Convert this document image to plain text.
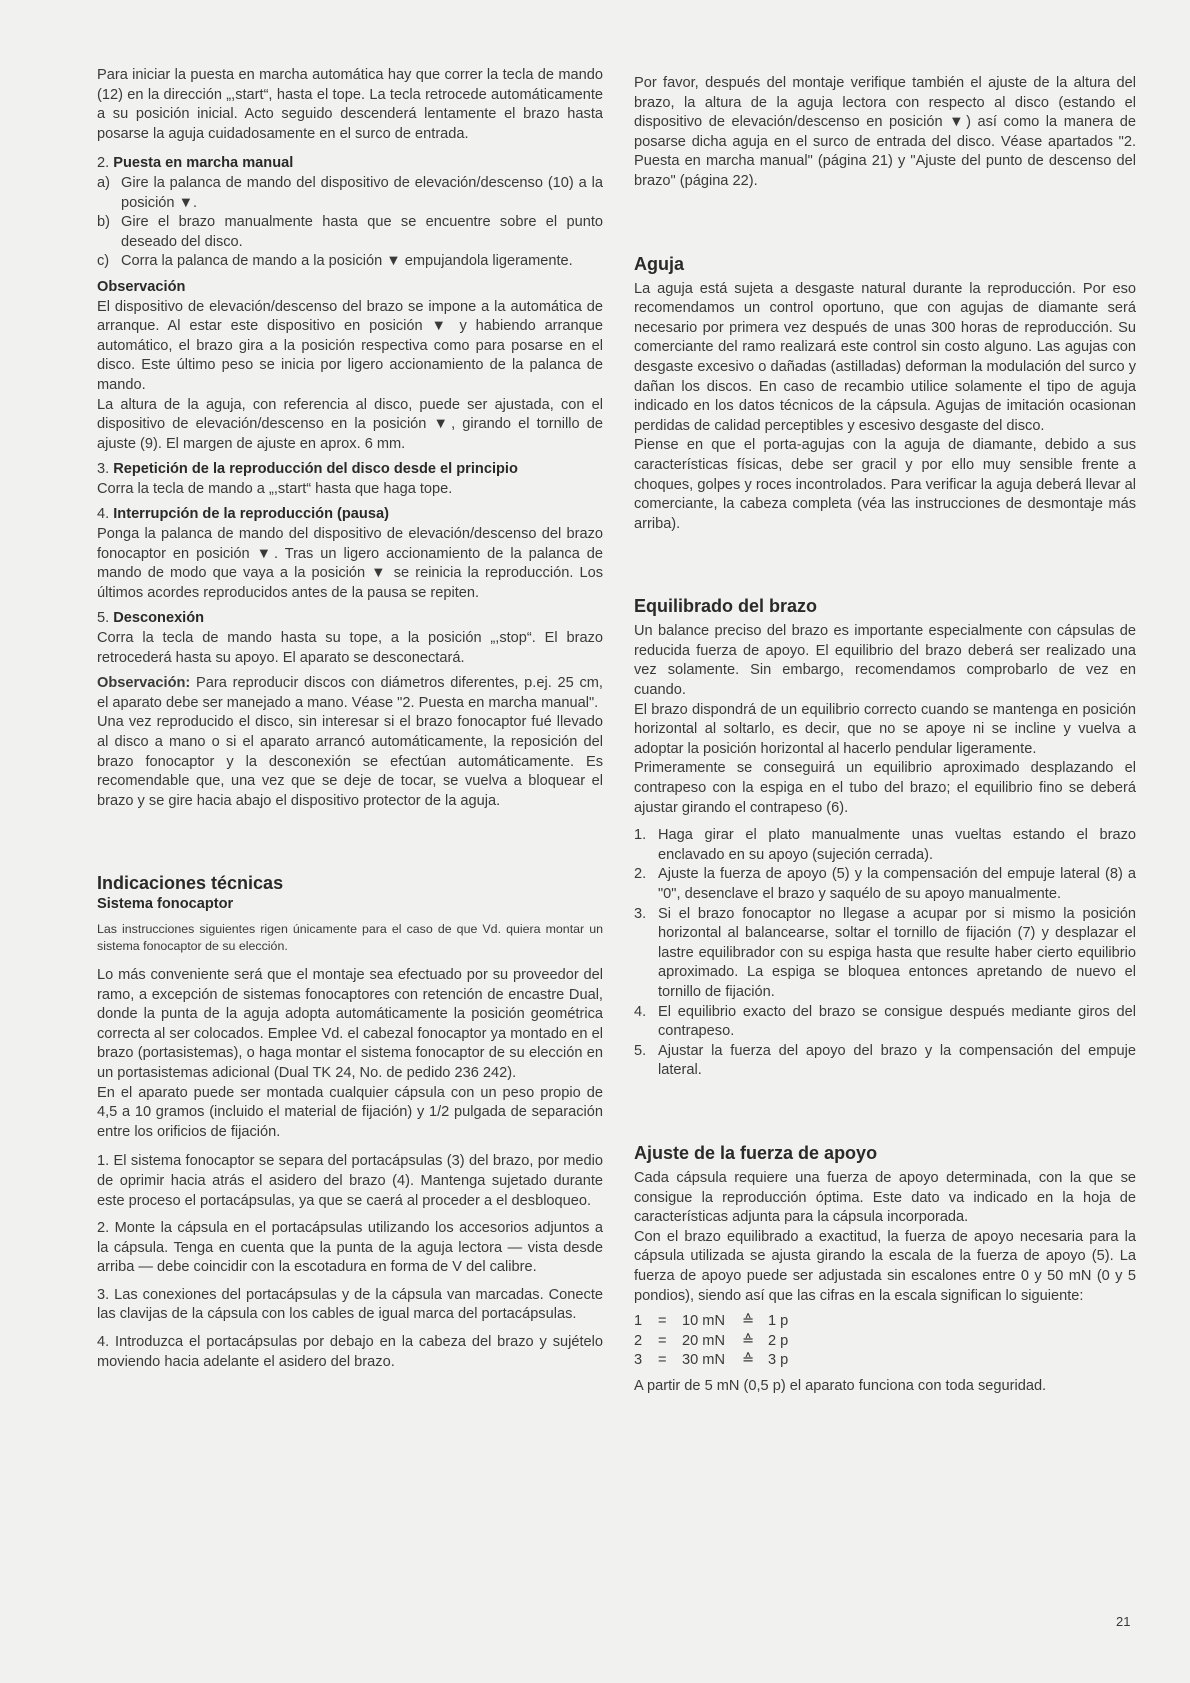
Para iniciar la puesta en marcha automática hay que correr la tecla de mando (12) en la dirección „,start“, hasta el tope. La tecla retrocede automáticamente a su posición inicial. Acto seguido descenderá lentamente el brazo hasta posarse la aguja cuidadosamente en el surco de entrada.

2. Puesta en marcha manual
a) Gire la palanca de mando del dispositivo de elevación/descenso (10) a la posición ▼.
b) Gire el brazo manualmente hasta que se encuentre sobre el punto deseado del disco.
c) Corra la palanca de mando a la posición ▼ empujandola ligeramente.
Observación

El dispositivo de elevación/descenso del brazo se impone a la automática de arranque. Al estar este dispositivo en posición ▼ y habiendo arranque automático, el brazo gira a la posición respectiva como para posarse en el disco. Este último peso se inicia por ligero accionamiento de la palanca de mando.

La altura de la aguja, con referencia al disco, puede ser ajustada, con el dispositivo de elevación/descenso en la posición ▼, girando el tornillo de ajuste (9). El margen de ajuste en aprox. 6 mm.

3. Repetición de la reproducción del disco desde el principio

Corra la tecla de mando a „,start“ hasta que haga tope.

4. Interrupción de la reproducción (pausa)

Ponga la palanca de mando del dispositivo de elevación/descenso del brazo fonocaptor en posición ▼. Tras un ligero accionamiento de la palanca de mando de modo que vaya a la posición ▼ se reinicia la reproducción. Los últimos acordes reproducidos antes de la pausa se repiten.

5. Desconexión

Corra la tecla de mando hasta su tope, a la posición „,stop“. El brazo retrocederá hasta su apoyo. El aparato se desconectará.

Observación: Para reproducir discos con diámetros diferentes, p.ej. 25 cm, el aparato debe ser manejado a mano. Véase "2. Puesta en marcha manual".

Una vez reproducido el disco, sin interesar si el brazo fonocaptor fué llevado al disco a mano o si el aparato arrancó automáticamente, la reposición del brazo fonocaptor y la desconexión se efectúan automáticamente. Es recomendable que, una vez que se deje de tocar, se vuelva a bloquear el brazo y se gire hacia abajo el dispositivo protector de la aguja.

Indicaciones técnicas
Sistema fonocaptor

Las instrucciones siguientes rigen únicamente para el caso de que Vd. quiera montar un sistema fonocaptor de su elección.

Lo más conveniente será que el montaje sea efectuado por su proveedor del ramo, a excepción de sistemas fonocaptores con retención de encastre Dual, donde la punta de la aguja adopta automáticamente la posición geométrica correcta al ser colocados. Emplee Vd. el cabezal fonocaptor ya montado en el brazo (portasistemas), o haga montar el sistema fonocaptor de su elección en un portasistemas adicional (Dual TK 24, No. de pedido 236 242).

En el aparato puede ser montada cualquier cápsula con un peso propio de 4,5 a 10 gramos (incluido el material de fijación) y 1/2 pulgada de separación entre los orificios de fijación.

1. El sistema fonocaptor se separa del portacápsulas (3) del brazo, por medio de oprimir hacia atrás el asidero del brazo (4). Mantenga sujetado durante este proceso el portacápsulas, ya que se caerá al proceder a el desbloqueo.

2. Monte la cápsula en el portacápsulas utilizando los accesorios adjuntos a la cápsula. Tenga en cuenta que la punta de la aguja lectora — vista desde arriba — debe coincidir con la escotadura en forma de V del calibre.

3. Las conexiones del portacápsulas y de la cápsula van marcadas. Conecte las clavijas de la cápsula con los cables de igual marca del portacápsulas.

4. Introduzca el portacápsulas por debajo en la cabeza del brazo y sujételo moviendo hacia adelante el asidero del brazo.

Por favor, después del montaje verifique también el ajuste de la altura del brazo, la altura de la aguja lectora con respecto al disco (estando el dispositivo de elevación/descenso en posición ▼) así como la manera de posarse dicha aguja en el surco de entrada del disco. Véase apartados "2. Puesta en marcha manual" (página 21) y "Ajuste del punto de descenso del brazo" (página 22).

Aguja

La aguja está sujeta a desgaste natural durante la reproducción. Por eso recomendamos un control oportuno, que con agujas de diamante será necesario por primera vez después de unas 300 horas de reproducción. Su comerciante del ramo realizará este control sin costo alguno. Las agujas con desgaste excesivo o dañadas (astilladas) deforman la modulación del surco y dañan los discos. En caso de recambio utilice solamente el tipo de aguja indicado en los datos técnicos de la cápsula. Agujas de imitación ocasionan perdidas de calidad perceptibles y escesivo desgaste del disco.

Piense en que el porta-agujas con la aguja de diamante, debido a sus características físicas, debe ser gracil y por ello muy sensible frente a choques, golpes y roces incontrolados. Para verificar la aguja deberá llevar al comerciante, la cabeza completa (véa las instrucciones de desmontaje más arriba).

Equilibrado del brazo

Un balance preciso del brazo es importante especialmente con cápsulas de reducida fuerza de apoyo. El equilibrio del brazo deberá ser realizado una vez solamente. Sin embargo, recomendamos comprobarlo de vez en cuando.

El brazo dispondrá de un equilibrio correcto cuando se mantenga en posición horizontal al soltarlo, es decir, que no se apoye ni se incline y vuelva a adoptar la posición horizontal al hacerlo pendular ligeramente.

Primeramente se conseguirá un equilibrio aproximado desplazando el contrapeso con la espiga en el tubo del brazo; el equilibrio fino se deberá ajustar girando el contrapeso (6).

1. Haga girar el plato manualmente unas vueltas estando el brazo enclavado en su apoyo (sujeción cerrada).
2. Ajuste la fuerza de apoyo (5) y la compensación del empuje lateral (8) a "0", desenclave el brazo y saquélo de su apoyo manualmente.
3. Si el brazo fonocaptor no llegase a acupar por si mismo la posición horizontal al balancearse, soltar el tornillo de fijación (7) y desplazar el lastre equilibrador con su espiga hasta que resulte haber cierto equilibrio aproximado. La espiga se bloquea entonces apretando de nuevo el tornillo de fijación.
4. El equilibrio exacto del brazo se consigue después mediante giros del contrapeso.
5. Ajustar la fuerza del apoyo del brazo y la compensación del empuje lateral.
Ajuste de la fuerza de apoyo

Cada cápsula requiere una fuerza de apoyo determinada, con la que se consigue la reproducción óptima. Este dato va indicado en la hoja de características adjunta para la cápsula incorporada.

Con el brazo equilibrado a exactitud, la fuerza de apoyo necesaria para la cápsula utilizada se ajusta girando la escala de la fuerza de apoyo (5). La fuerza de apoyo puede ser adjustada sin escalones entre 0 y 50 mN (0 y 5 pondios), siendo así que las cifras en la escala significan lo siguiente:

1	=	10 mN	≙ 1 p
2	=	20 mN	≙ 2 p
3	=	30 mN	≙ 3 p

A partir de 5 mN (0,5 p) el aparato funciona con toda seguridad.

21
